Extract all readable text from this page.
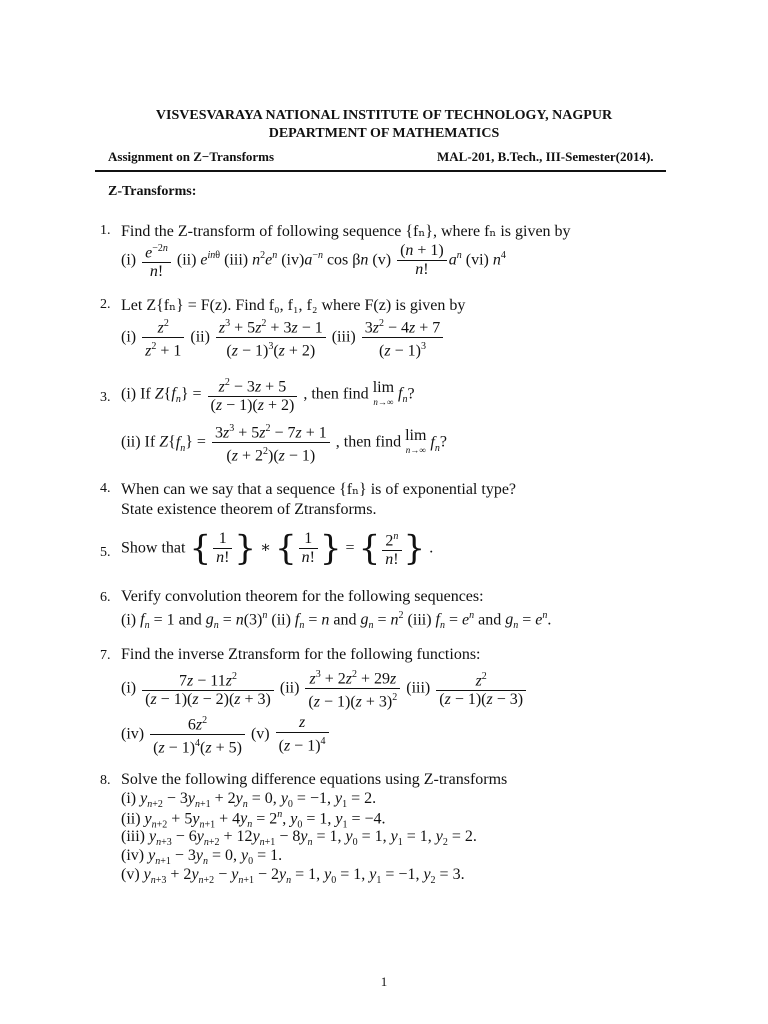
VISVESVARAYA NATIONAL INSTITUTE OF TECHNOLOGY, NAGPUR
DEPARTMENT OF MATHEMATICS
Assignment on Z−Transforms	MAL-201, B.Tech., III-Semester(2014).
Z-Transforms:
1. Find the Z-transform of following sequence {fₙ}, where fₙ is given by
$(i) \frac{e^{-2n}}{n!} (ii)$ $e^{in\theta}$ (iii) $n^2e^n$ $(iv)a^{-n}$ cos βn $(v) \frac{(n + 1)}{n!} a^n$ (vi) $n^4$
2. Let Z{fₙ} = F(z). Find f₀, f₁, f₂ where F(z) is given by
$(i) \frac{z^2}{z^2 + 1} (ii) \frac{z^3 + 5z^2 + 3z - 1}{(z - 1)^3(z + 2)} (iii) \frac{3z^2 - 4z + 7}{(z - 1)^3}$
3. (i) If $Z\{f_n\} = \frac{z^2 - 3z + 5}{(z - 1)(z + 2)}$ , then find lim
n→∞ $f_n$?
(ii) If $Z\{f_n\} = \frac{3z^3 + 5z^2 - 7z + 1}{(z + 2^2)(z - 1)}$ , then find lim
n→∞ $f_n$?
4. When can we say that a sequence {fₙ} is of exponential type?
State existence theorem of Ztransforms.
5. Show that { $\frac{1}{n!}$ } ∗ { $\frac{1}{n!}$ } = { $\frac{2^n}{n!}$ } .
6. Verify convolution theorem for the following sequences:
(i) $f_n = 1$ and $g_n = n(3)^n$ (ii) $f_n = n$ and $g_n = n^2$ (iii) $f_n = e^n$ and $g_n = e^n$.
7. Find the inverse Ztransform for the following functions:
$(i) \frac{7z - 11z^2}{(z - 1)(z - 2)(z + 3)} (ii) \frac{z^3 + 2z^2 + 29z}{(z - 1)(z + 3)^2} (iii) \frac{z^2}{(z - 1)(z - 3)}$
$(iv) \frac{6z^2}{(z - 1)^4(z + 5)} (v) \frac{z}{(z - 1)^4}$
8. Solve the following difference equations using Z-transforms
(i) $y_{n+2} - 3y_{n+1} + 2y_n = 0$, $y_0 = -1$, $y_1 = 2$.
(ii) $y_{n+2} + 5y_{n+1} + 4y_n = 2^n$, $y_0 = 1$, $y_1 = -4$.
(iii) $y_{n+3} - 6y_{n+2} + 12y_{n+1} - 8y_n = 1$, $y_0 = 1$, $y_1 = 1$, $y_2 = 2$.
(iv) $y_{n+1} - 3y_n = 0$, $y_0 = 1$.
(v) $y_{n+3} + 2y_{n+2} - y_{n+1} - 2y_n = 1$, $y_0 = 1$, $y_1 = -1$, $y_2 = 3$.
1
